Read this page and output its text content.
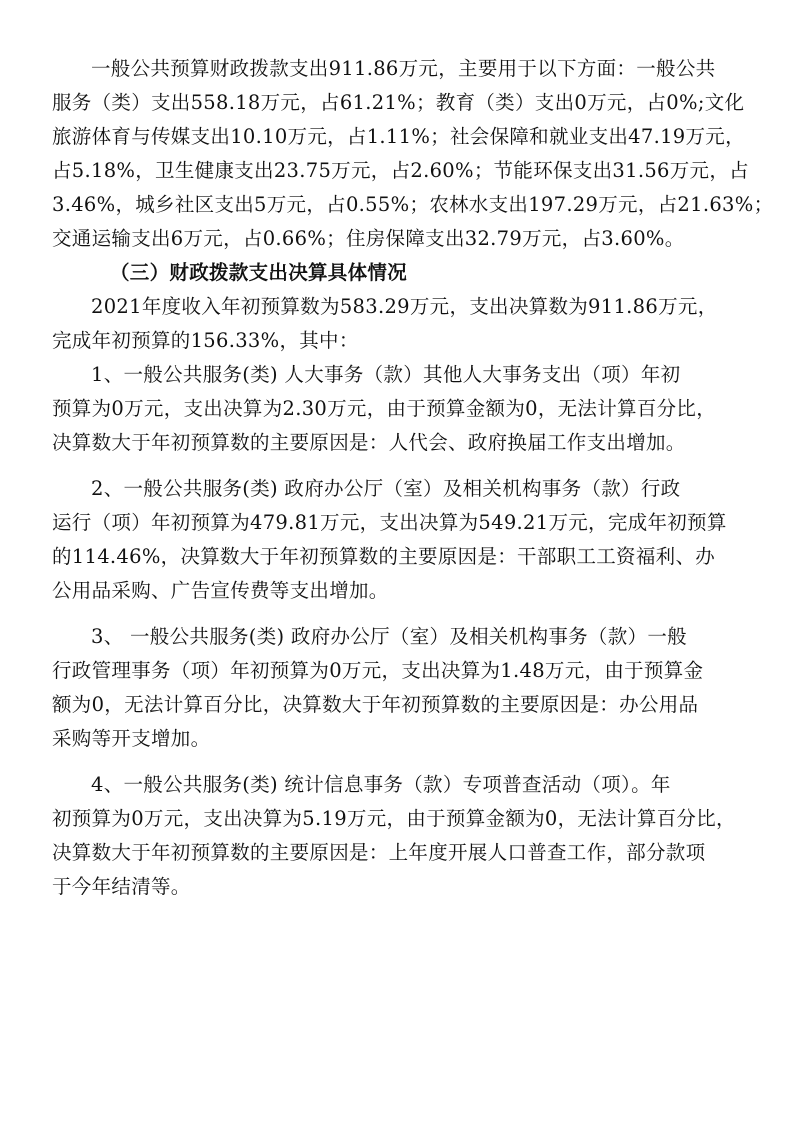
一般公共预算财政拨款支出911.86万元，主要用于以下方面：一般公共
服务（类）支出558.18万元，占61.21%；教育（类）支出0万元，占0%;文化
旅游体育与传媒支出10.10万元，占1.11%；社会保障和就业支出47.19万元，
占5.18%，卫生健康支出23.75万元，占2.60%；节能环保支出31.56万元，占
3.46%，城乡社区支出5万元，占0.55%；农林水支出197.29万元，占21.63%；
交通运输支出6万元，占0.66%；住房保障支出32.79万元，占3.60%。

（三）财政拨款支出决算具体情况

2021年度收入年初预算数为583.29万元，支出决算数为911.86万元，
完成年初预算的156.33%，其中：

1、一般公共服务(类) 人大事务（款）其他人大事务支出（项）年初
预算为0万元，支出决算为2.30万元，由于预算金额为0，无法计算百分比，
决算数大于年初预算数的主要原因是：人代会、政府换届工作支出增加。

2、一般公共服务(类) 政府办公厅（室）及相关机构事务（款）行政
运行（项）年初预算为479.81万元，支出决算为549.21万元，完成年初预算
的114.46%，决算数大于年初预算数的主要原因是：干部职工工资福利、办
公用品采购、广告宣传费等支出增加。

3、 一般公共服务(类) 政府办公厅（室）及相关机构事务（款）一般
行政管理事务（项）年初预算为0万元，支出决算为1.48万元，由于预算金
额为0，无法计算百分比，决算数大于年初预算数的主要原因是：办公用品
采购等开支增加。

4、一般公共服务(类) 统计信息事务（款）专项普查活动（项）。年
初预算为0万元，支出决算为5.19万元，由于预算金额为0，无法计算百分比，
决算数大于年初预算数的主要原因是：上年度开展人口普查工作，部分款项
于今年结清等。
